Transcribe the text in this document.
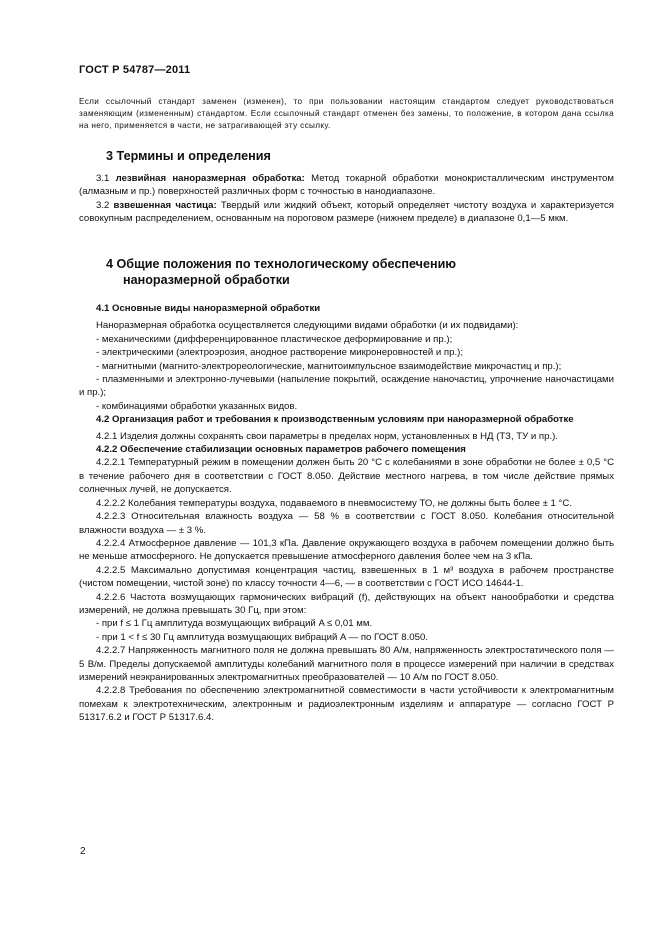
ГОСТ Р 54787—2011
Если ссылочный стандарт заменен (изменен), то при пользовании настоящим стандартом следует руководствоваться заменяющим (измененным) стандартом. Если ссылочный стандарт отменен без замены, то положение, в котором дана ссылка на него, применяется в части, не затрагивающей эту ссылку.

3 Термины и определения

3.1 лезвийная наноразмерная обработка: Метод токарной обработки монокристаллическим инструментом (алмазным и пр.) поверхностей различных форм с точностью в нанодиапазоне.

3.2 взвешенная частица: Твердый или жидкий объект, который определяет чистоту воздуха и характеризуется совокупным распределением, основанным на пороговом размере (нижнем пределе) в диапазоне 0,1—5 мкм.

4 Общие положения по технологическому обеспечению

наноразмерной обработки

4.1 Основные виды наноразмерной обработки

Наноразмерная обработка осуществляется следующими видами обработки (и их подвидами):

- механическими (дифференцированное пластическое деформирование и пр.);

- электрическими (электроэрозия, анодное растворение микронеровностей и пр.);

- магнитными (магнито-электрореологические, магнитоимпульсное взаимодействие микрочастиц и пр.);

- плазменными и электронно-лучевыми (напыление покрытий, осаждение наночастиц, упрочнение наночастицами и пр.);

- комбинациями обработки указанных видов.

4.2 Организация работ и требования к производственным условиям при наноразмерной обработке

4.2.1 Изделия должны сохранять свои параметры в пределах норм, установленных в НД (ТЗ, ТУ и пр.).

4.2.2 Обеспечение стабилизации основных параметров рабочего помещения

4.2.2.1 Температурный режим в помещении должен быть 20 °С с колебаниями в зоне обработки не более ± 0,5 °С в течение рабочего дня в соответствии с ГОСТ 8.050. Действие местного нагрева, в том числе действие прямых солнечных лучей, не допускается.

4.2.2.2 Колебания температуры воздуха, подаваемого в пневмосистему ТО, не должны быть более ± 1 °С.

4.2.2.3 Относительная влажность воздуха — 58 % в соответствии с ГОСТ 8.050. Колебания относительной влажности воздуха — ± 3 %.

4.2.2.4 Атмосферное давление — 101,3 кПа. Давление окружающего воздуха в рабочем помещении должно быть не меньше атмосферного. Не допускается превышение атмосферного давления более чем на 3 кПа.

4.2.2.5 Максимально допустимая концентрация частиц, взвешенных в 1 м³ воздуха в рабочем пространстве (чистом помещении, чистой зоне) по классу точности 4—6, — в соответствии с ГОСТ ИСО 14644-1.

4.2.2.6 Частота возмущающих гармонических вибраций (f), действующих на объект нанообработки и средства измерений, не должна превышать 30 Гц, при этом:

- при f ≤ 1 Гц амплитуда возмущающих вибраций A ≤ 0,01 мм.

- при 1 < f ≤ 30 Гц амплитуда возмущающих вибраций A — по ГОСТ 8.050.

4.2.2.7 Напряженность магнитного поля не должна превышать 80 А/м, напряженность электростатического поля — 5 В/м. Пределы допускаемой амплитуды колебаний магнитного поля в процессе измерений при наличии в средствах измерений неэкранированных электромагнитных преобразователей — 10 А/м по ГОСТ 8.050.

4.2.2.8 Требования по обеспечению электромагнитной совместимости в части устойчивости к электромагнитным помехам к электротехническим, электронным и радиоэлектронным изделиям и аппаратуре — согласно ГОСТ Р 51317.6.2 и ГОСТ Р 51317.6.4.

2
